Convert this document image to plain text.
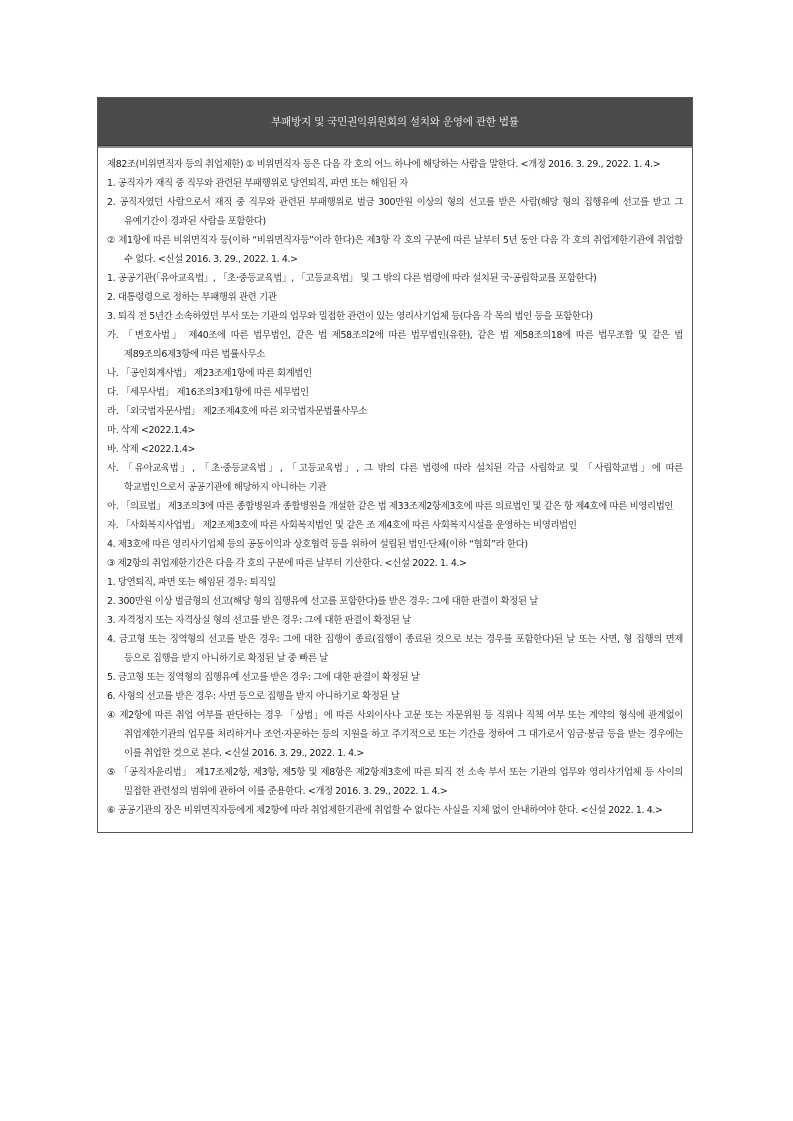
부패방지 및 국민권익위원회의 설치와 운영에 관한 법률

제82조(비위면직자 등의 취업제한) ① 비위면직자 등은 다음 각 호의 어느 하나에 해당하는 사람을 말한다. <개정 2016. 3. 29., 2022. 1. 4.>

1. 공직자가 재직 중 직무와 관련된 부패행위로 당연퇴직, 파면 또는 해임된 자

2. 공직자였던 사람으로서 재직 중 직무와 관련된 부패행위로 벌금 300만원 이상의 형의 선고를 받은 사람(해당 형의 집행유예 선고를 받고 그 유예기간이 경과된 사람을 포함한다)

② 제1항에 따른 비위면직자 등(이하 “비위면직자등”이라 한다)은 제3항 각 호의 구분에 따른 날부터 5년 동안 다음 각 호의 취업제한기관에 취업할 수 없다. <신설 2016. 3. 29., 2022. 1. 4.>

1. 공공기관(「유아교육법」, 「초·중등교육법」, 「고등교육법」 및 그 밖의 다른 법령에 따라 설치된 국·공립학교를 포함한다)

2. 대통령령으로 정하는 부패행위 관련 기관

3. 퇴직 전 5년간 소속하였던 부서 또는 기관의 업무와 밀접한 관련이 있는 영리사기업체 등(다음 각 목의 법인 등을 포함한다)

가. 「변호사법」 제40조에 따른 법무법인, 같은 법 제58조의2에 따른 법무법인(유한), 같은 법 제58조의18에 따른 법무조합 및 같은 법 제89조의6제3항에 따른 법률사무소

나. 「공인회계사법」 제23조제1항에 따른 회계법인

다. 「세무사법」 제16조의3제1항에 따른 세무법인

라. 「외국법자문사법」 제2조제4호에 따른 외국법자문법률사무소

마. 삭제 <2022.1.4>

바. 삭제 <2022.1.4>

사. 「유아교육법」, 「초·중등교육법」, 「고등교육법」, 그 밖의 다른 법령에 따라 설치된 각급 사립학교 및 「사립학교법」에 따른 학교법인으로서 공공기관에 해당하지 아니하는 기관

아. 「의료법」 제3조의3에 따른 종합병원과 종합병원을 개설한 같은 법 제33조제2항제3호에 따른 의료법인 및 같은 항 제4호에 따른 비영리법인

자. 「사회복지사업법」 제2조제3호에 따른 사회복지법인 및 같은 조 제4호에 따른 사회복지시설을 운영하는 비영리법인

4. 제3호에 따른 영리사기업체 등의 공동이익과 상호협력 등을 위하여 설립된 법인·단체(이하 “협회”라 한다)

③ 제2항의 취업제한기간은 다음 각 호의 구분에 따른 날부터 기산한다. <신설 2022. 1. 4.>

1. 당연퇴직, 파면 또는 해임된 경우: 퇴직일

2. 300만원 이상 벌금형의 선고(해당 형의 집행유예 선고를 포함한다)를 받은 경우: 그에 대한 판결이 확정된 날

3. 자격정지 또는 자격상실 형의 선고를 받은 경우: 그에 대한 판결이 확정된 날

4. 금고형 또는 징역형의 선고를 받은 경우: 그에 대한 집행이 종료(집행이 종료된 것으로 보는 경우를 포함한다)된 날 또는 사면, 형 집행의 면제 등으로 집행을 받지 아니하기로 확정된 날 중 빠른 날

5. 금고형 또는 징역형의 집행유예 선고를 받은 경우: 그에 대한 판결이 확정된 날

6. 사형의 선고를 받은 경우: 사면 등으로 집행을 받지 아니하기로 확정된 날

④ 제2항에 따른 취업 여부를 판단하는 경우 「상법」에 따른 사외이사나 고문 또는 자문위원 등 직위나 직책 여부 또는 계약의 형식에 관계없이 취업제한기관의 업무를 처리하거나 조언·자문하는 등의 지원을 하고 주기적으로 또는 기간을 정하여 그 대가로서 임금·봉급 등을 받는 경우에는 이를 취업한 것으로 본다. <신설 2016. 3. 29., 2022. 1. 4.>

⑤ 「공직자윤리법」 제17조제2항, 제3항, 제5항 및 제8항은 제2항제3호에 따른 퇴직 전 소속 부서 또는 기관의 업무와 영리사기업체 등 사이의 밀접한 관련성의 범위에 관하여 이를 준용한다. <개정 2016. 3. 29., 2022. 1. 4.>

⑥ 공공기관의 장은 비위면직자등에게 제2항에 따라 취업제한기관에 취업할 수 없다는 사실을 지체 없이 안내하여야 한다. <신설 2022. 1. 4.>
